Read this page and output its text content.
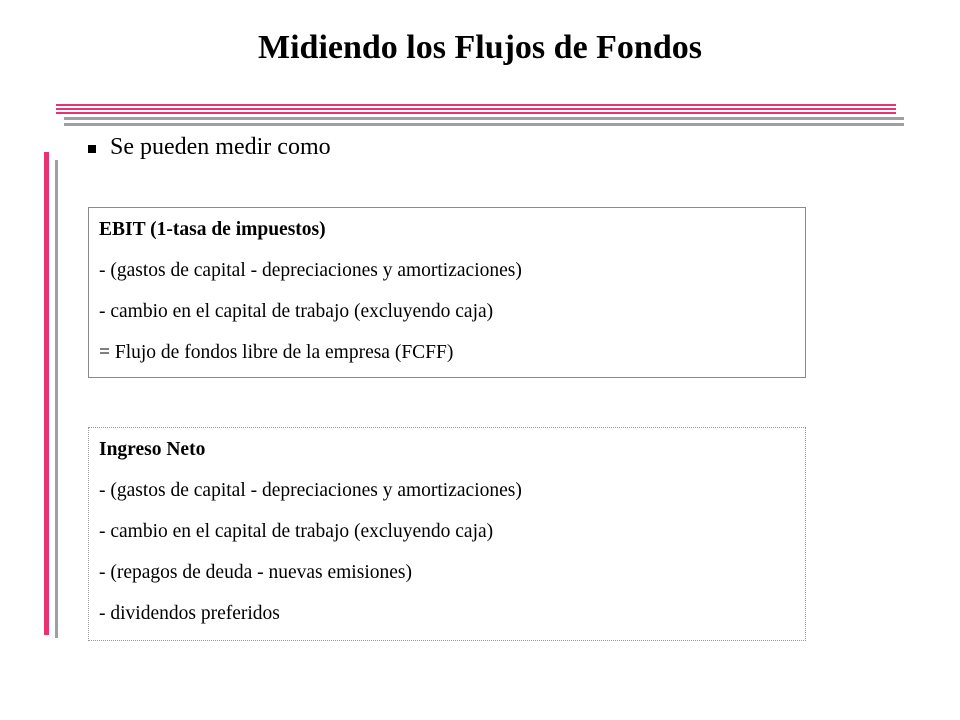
Midiendo los Flujos de Fondos
Se pueden medir como
EBIT (1-tasa de impuestos)
- (gastos de capital - depreciaciones y amortizaciones)
- cambio en el capital de trabajo (excluyendo caja)
= Flujo de fondos libre de la empresa (FCFF)
Ingreso Neto
- (gastos de capital - depreciaciones y amortizaciones)
- cambio en el capital de trabajo (excluyendo caja)
- (repagos de deuda - nuevas emisiones)
- dividendos preferidos
